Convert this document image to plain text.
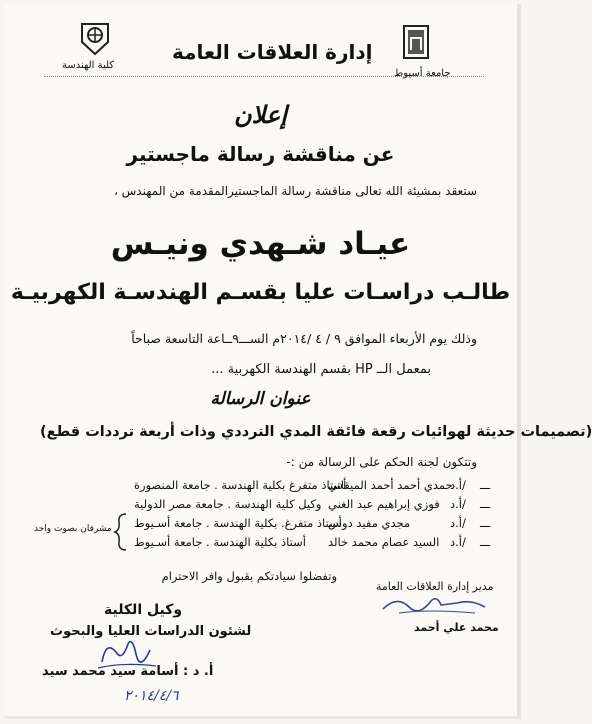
كلية الهندسة
إدارة العلاقات العامة
جامعة أسيوط
إعلان
عن مناقشة رسالة ماجستير
ستعقد بمشيئة الله تعالى مناقشة رسالة الماجستيرالمقدمة من المهندس ،
عيـاد شـهدي ونيـس
طالـب دراسـات عليا بقسـم الهندسـة الكهربيـة
وذلك يوم الأربعاء الموافق ٩ / ٤ /٢٠١٤م الســـ٩ــاعة التاسعة صباحاً
بمعمل الــ HP بقسم الهندسة الكهربية ...
عنوان الرسالة
(تصميمات حديثة لهوائيات رقعة فائقة المدي الترددي وذات أربعة ترددات قطع)
وتتكون لجنة الحكم على الرسالة من :-
أستاذ متفرغ بكلية الهندسة . جامعة المنصورة
حمدي أحمد أحمد الميقاتي
أ.د/ ـــ
وكيل كلية الهندسة . جامعة مصر الدولية فوزي إبراهيم عبد الغني أ.د/ ـــ
أستاذ متفرغ. بكلية الهندسة . جامعة أسـيوط
مجدي مفيد دوس	أ.د/ ـــ
أستاذ بكلية الهندسة . جامعة أسـيوط السيد عصام محمد خالد أ.د/ ـــ
مشرفان بصوت واحد
وتفضلوا سيادتكم بقبول وافر الاحترام
مدير إدارة العلاقات العامة
محمد علي أحمد
وكيل الكلية
لشئون الدراسات العليا والبحوث
أ. د : أسامة سيد محمد سيد
٢٠١٤/٤/٦
